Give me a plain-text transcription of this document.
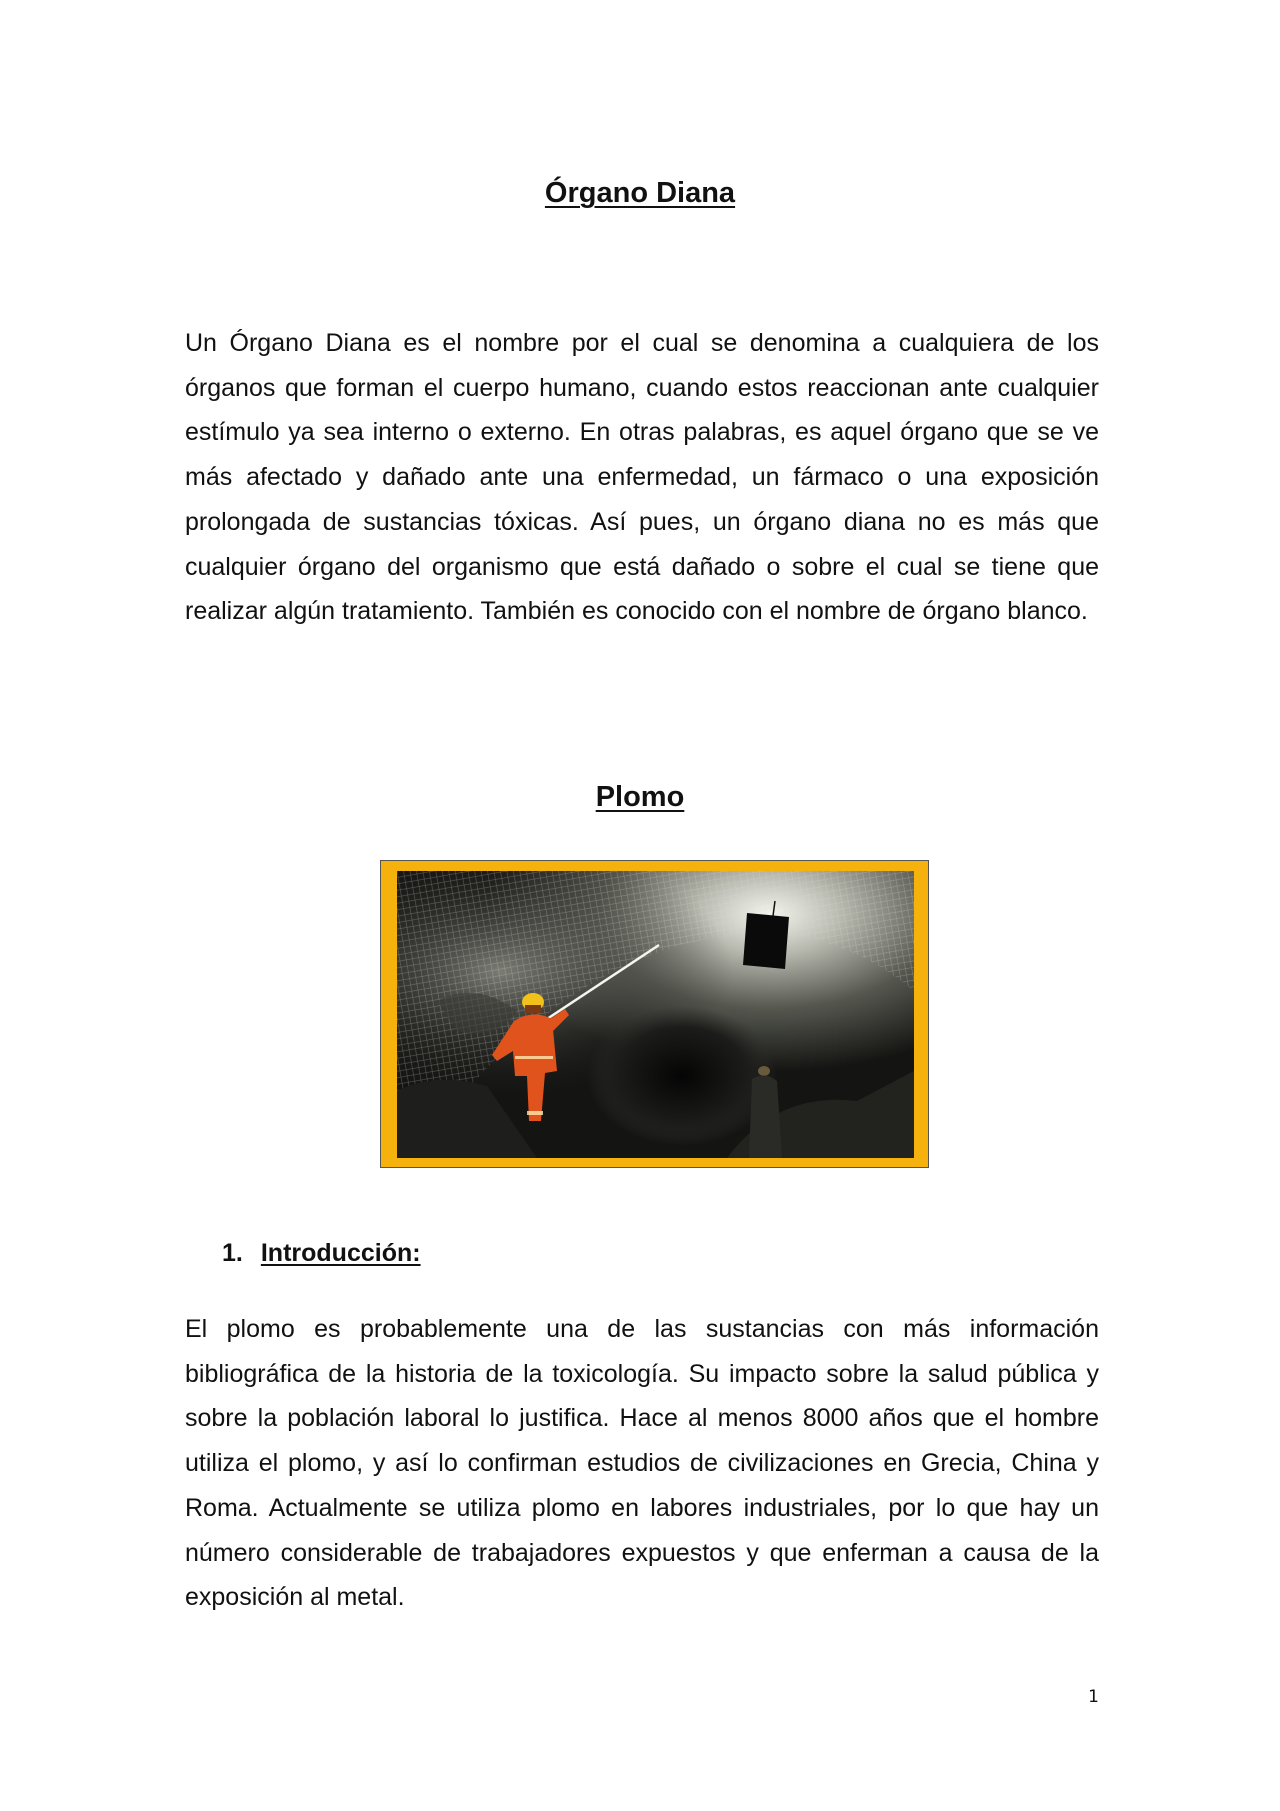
Órgano Diana

Un Órgano Diana es el nombre por el cual se denomina a cualquiera de los órganos que forman el cuerpo humano, cuando estos reaccionan ante cualquier estímulo ya sea interno o externo. En otras palabras, es aquel órgano que se ve más afectado y dañado ante una enfermedad, un fármaco o una exposición prolongada de sustancias tóxicas. Así pues, un órgano diana no es más que cualquier órgano del organismo que está dañado o sobre el cual se tiene que realizar algún tratamiento. También es conocido con el nombre de órgano blanco.

Plomo
1. Introducción:

El plomo es probablemente una de las sustancias con más información bibliográfica de la historia de la toxicología. Su impacto sobre la salud pública y sobre la población laboral lo justifica. Hace al menos 8000 años que el hombre utiliza el plomo, y así lo confirman estudios de civilizaciones en Grecia, China y Roma. Actualmente se utiliza plomo en labores industriales, por lo que hay un número considerable de trabajadores expuestos y que enferman a causa de la exposición al metal.

1
